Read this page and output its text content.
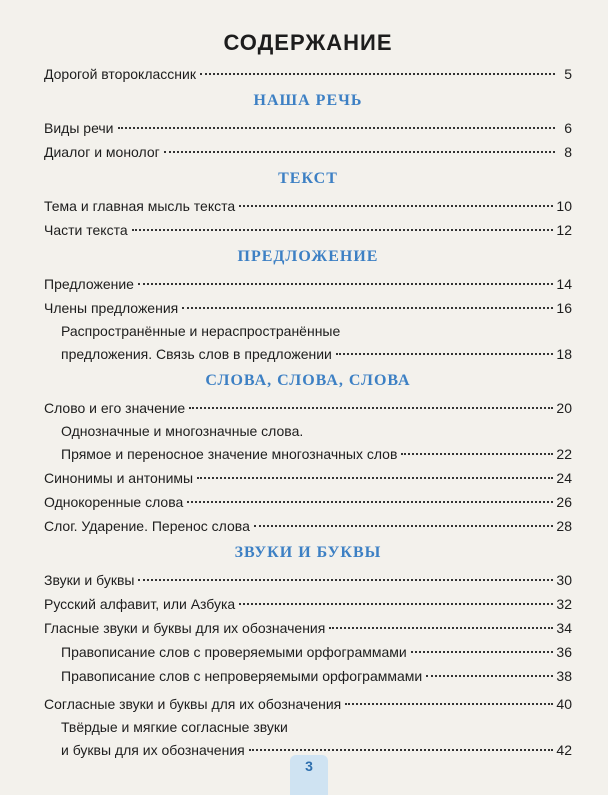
СОДЕРЖАНИЕ
Дорогой второклассник	5
НАША РЕЧЬ
Виды речи	6
Диалог и монолог	8
ТЕКСТ
Тема и главная мысль текста	10
Части текста	12
ПРЕДЛОЖЕНИЕ
Предложение	14
Члены предложения	16
Распространённые и нераспространённые
предложения. Связь слов в предложении	18
СЛОВА, СЛОВА, СЛОВА
Слово и его значение	20
Однозначные и многозначные слова.
Прямое и переносное значение многозначных слов	22
Синонимы и антонимы	24
Однокоренные слова	26
Слог. Ударение. Перенос слова	28
ЗВУКИ И БУКВЫ
Звуки и буквы	30
Русский алфавит, или Азбука	32
Гласные звуки и буквы для их обозначения	34
Правописание слов с проверяемыми орфограммами	36
Правописание слов с непроверяемыми орфограммами	38
Согласные звуки и буквы для их обозначения	40
Твёрдые и мягкие согласные звуки
и буквы для их обозначения	42
3
